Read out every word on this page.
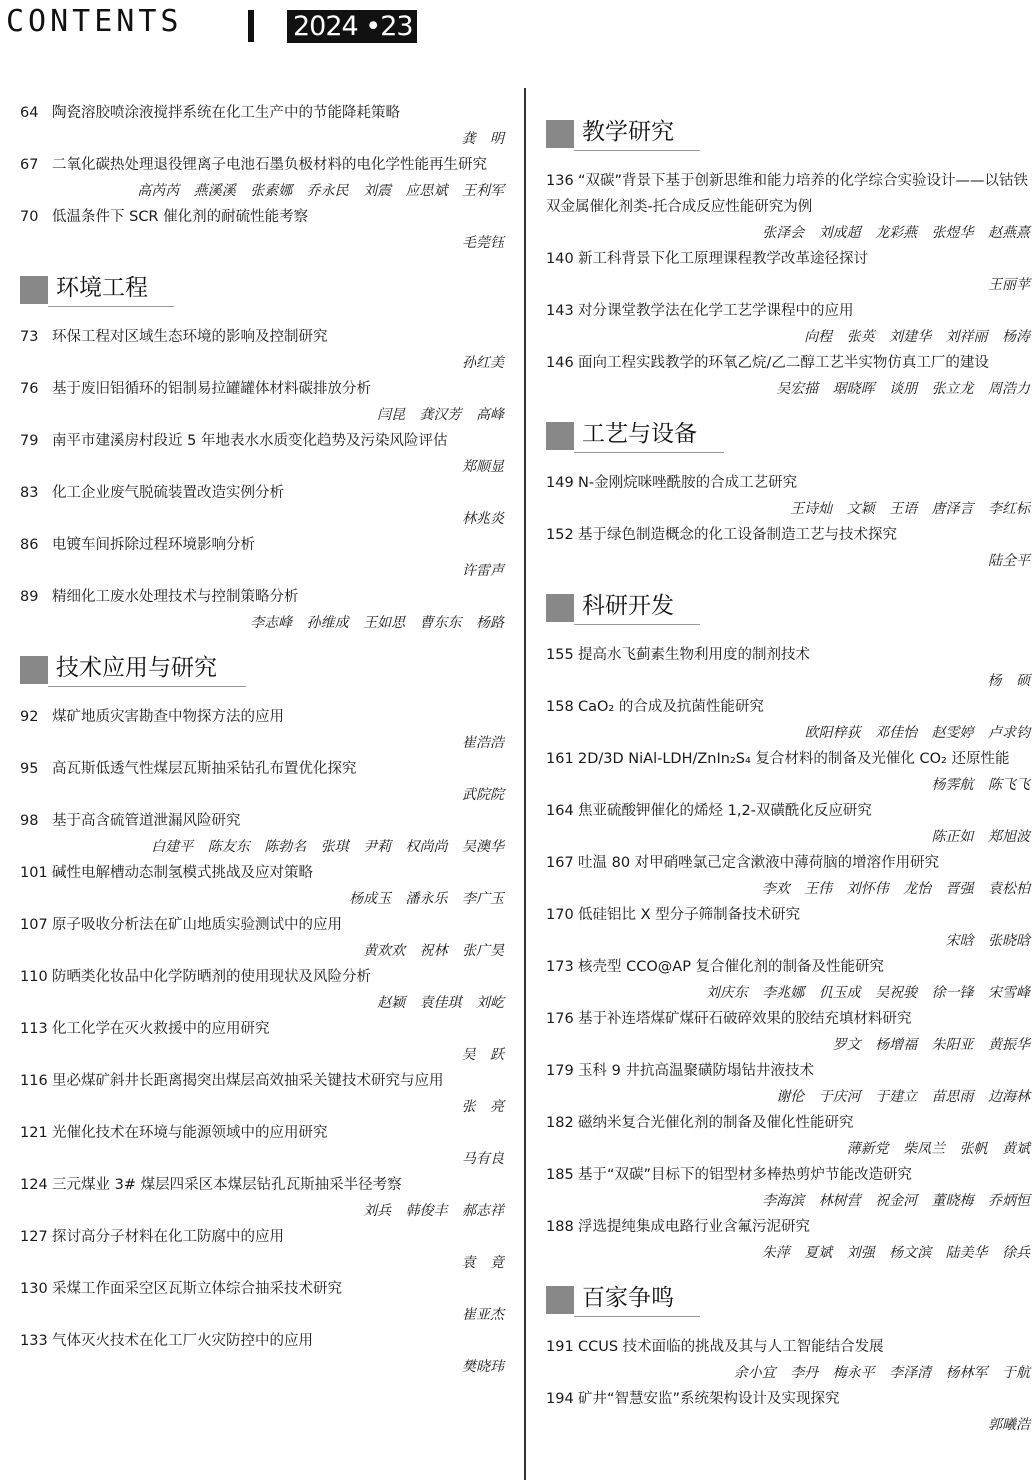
CONTENTS	2024 •23
64 陶瓷溶胶喷涂液搅拌系统在化工生产中的节能降耗策略
龚 明
67 二氧化碳热处理退役锂离子电池石墨负极材料的电化学性能再生研究
高芮芮 燕溪溪 张素娜 乔永民 刘震 应思斌 王利军
70 低温条件下 SCR 催化剂的耐硫性能考察
毛莞钰
环境工程
73 环保工程对区域生态环境的影响及控制研究
孙红美
76 基于废旧铝循环的铝制易拉罐罐体材料碳排放分析
闫昆 龚汉芳 高峰
79 南平市建溪房村段近 5 年地表水水质变化趋势及污染风险评估
郑顺显
83 化工企业废气脱硫装置改造实例分析
林兆炎
86 电镀车间拆除过程环境影响分析
许雷声
89 精细化工废水处理技术与控制策略分析
李志峰 孙维成 王如思 曹东东 杨路
技术应用与研究
92 煤矿地质灾害勘查中物探方法的应用
崔浩浩
95 高瓦斯低透气性煤层瓦斯抽采钻孔布置优化探究
武院院
98 基于高含硫管道泄漏风险研究
白建平 陈友东 陈勃名 张琪 尹莉 权尚尚 吴澳华
101 碱性电解槽动态制氢模式挑战及应对策略
杨成玉 潘永乐 李广玉
107 原子吸收分析法在矿山地质实验测试中的应用
黄欢欢 祝林 张广昊
110 防晒类化妆品中化学防晒剂的使用现状及风险分析
赵颖 袁佳琪 刘屹
113 化工化学在灭火救援中的应用研究
吴 跃
116 里必煤矿斜井长距离揭突出煤层高效抽采关键技术研究与应用
张 亮
121 光催化技术在环境与能源领域中的应用研究
马有良
124 三元煤业 3# 煤层四采区本煤层钻孔瓦斯抽采半径考察
刘兵 韩俊丰 郝志祥
127 探讨高分子材料在化工防腐中的应用
袁 竟
130 采煤工作面采空区瓦斯立体综合抽采技术研究
崔亚杰
133 气体灭火技术在化工厂火灾防控中的应用
樊晓玮
教学研究
136 “双碳”背景下基于创新思维和能力培养的化学综合实验设计——以钴铁双金属催化剂类-托合成反应性能研究为例
张泽会 刘成超 龙彩燕 张煜华 赵燕熹
140 新工科背景下化工原理课程教学改革途径探讨
王丽苹
143 对分课堂教学法在化学工艺学课程中的应用
向程 张英 刘建华 刘祥丽 杨涛
146 面向工程实践教学的环氧乙烷/乙二醇工艺半实物仿真工厂的建设
吴宏描 琚晓晖 谈朋 张立龙 周浩力
工艺与设备
149 N-金刚烷咪唑酰胺的合成工艺研究
王诗灿 文颖 王语 唐泽言 李红标
152 基于绿色制造概念的化工设备制造工艺与技术探究
陆全平
科研开发
155 提高水飞蓟素生物利用度的制剂技术
杨 硕
158 CaO₂ 的合成及抗菌性能研究
欧阳梓荻 邓佳怡 赵雯婷 卢求钧
161 2D/3D NiAl-LDH/ZnIn₂S₄ 复合材料的制备及光催化 CO₂ 还原性能
杨霁航 陈飞飞
164 焦亚硫酸钾催化的烯烃 1,2-双磺酰化反应研究
陈正如 郑旭波
167 吐温 80 对甲硝唑氯己定含漱液中薄荷脑的增溶作用研究
李欢 王伟 刘怀伟 龙怡 晋强 袁松柏
170 低硅铝比 X 型分子筛制备技术研究
宋晗 张晓晗
173 核壳型 CCO@AP 复合催化剂的制备及性能研究
刘庆东 李兆娜 仉玉成 吴祝骏 徐一锋 宋雪峰
176 基于补连塔煤矿煤矸石破碎效果的胶结充填材料研究
罗文 杨增福 朱阳亚 黄振华
179 玉科 9 井抗高温聚磺防塌钻井液技术
谢伦 于庆河 于建立 苗思雨 边海林
182 磁纳米复合光催化剂的制备及催化性能研究
薄新党 柴凤兰 张帆 黄斌
185 基于“双碳”目标下的铝型材多棒热剪炉节能改造研究
李海滨 林树营 祝金河 董晓梅 乔炳恒
188 浮选提纯集成电路行业含氟污泥研究
朱萍 夏斌 刘强 杨文滨 陆美华 徐兵
百家争鸣
191 CCUS 技术面临的挑战及其与人工智能结合发展
余小宜 李丹 梅永平 李泽清 杨林军 于航
194 矿井“智慧安监”系统架构设计及实现探究
郭曦浩
